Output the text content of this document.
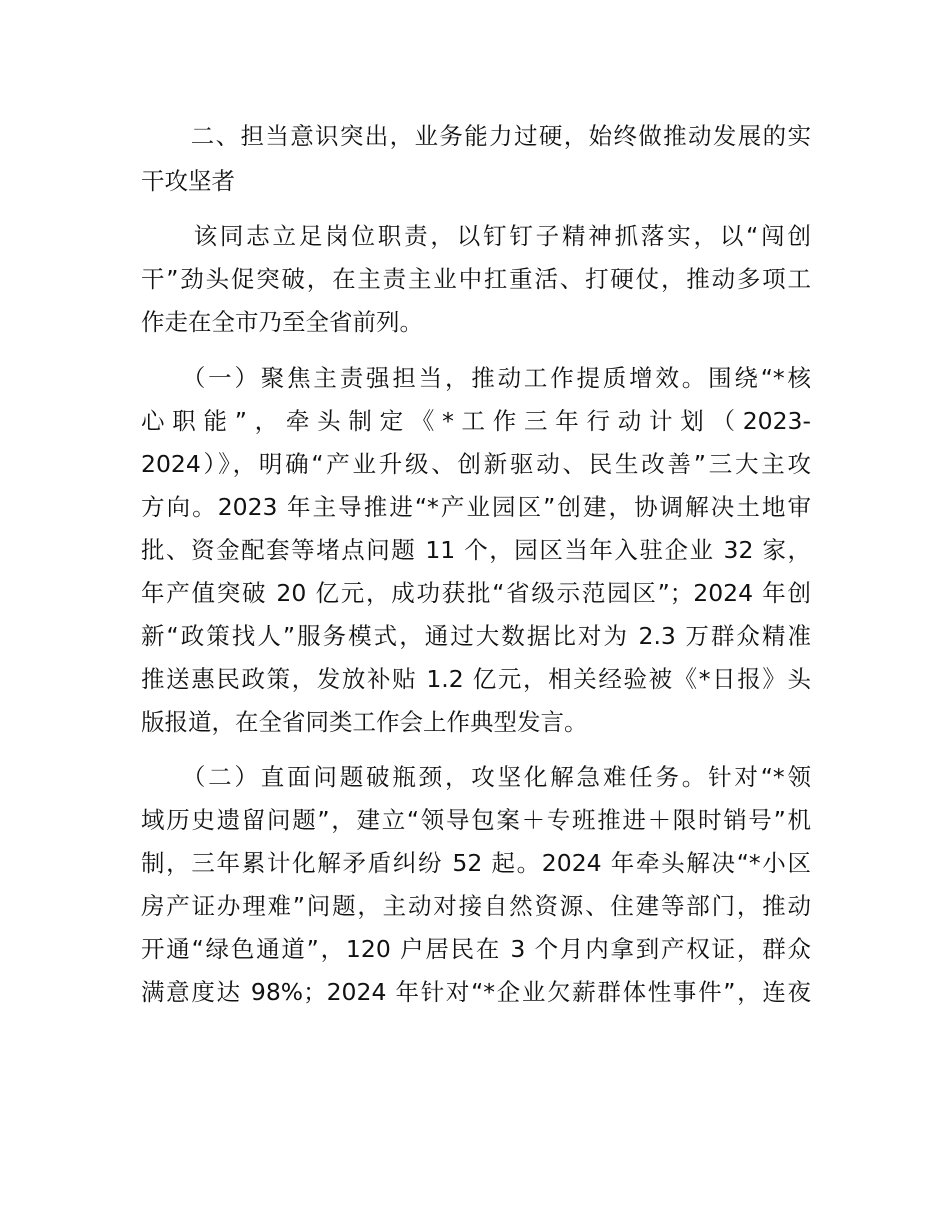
　　二、担当意识突出，业务能力过硬，始终做推动发展的实
干攻坚者
　　该同志立足岗位职责，以钉钉子精神抓落实，以“闯创
干”劲头促突破，在主责主业中扛重活、打硬仗，推动多项工
作走在全市乃至全省前列。
　　（一）聚焦主责强担当，推动工作提质增效。围绕“*核
心职能”，牵头制定《*工作三年行动计划（2023-
2024）》，明确“产业升级、创新驱动、民生改善”三大主攻
方向。2023 年主导推进“*产业园区”创建，协调解决土地审
批、资金配套等堵点问题 11 个，园区当年入驻企业 32 家，
年产值突破 20 亿元，成功获批“省级示范园区”；2024 年创
新“政策找人”服务模式，通过大数据比对为 2.3 万群众精准
推送惠民政策，发放补贴 1.2 亿元，相关经验被《*日报》头
版报道，在全省同类工作会上作典型发言。
　　（二）直面问题破瓶颈，攻坚化解急难任务。针对“*领
域历史遗留问题”，建立“领导包案＋专班推进＋限时销号”机
制，三年累计化解矛盾纠纷 52 起。2024 年牵头解决“*小区
房产证办理难”问题，主动对接自然资源、住建等部门，推动
开通“绿色通道”，120 户居民在 3 个月内拿到产权证，群众
满意度达 98%；2024 年针对“*企业欠薪群体性事件”，连夜
